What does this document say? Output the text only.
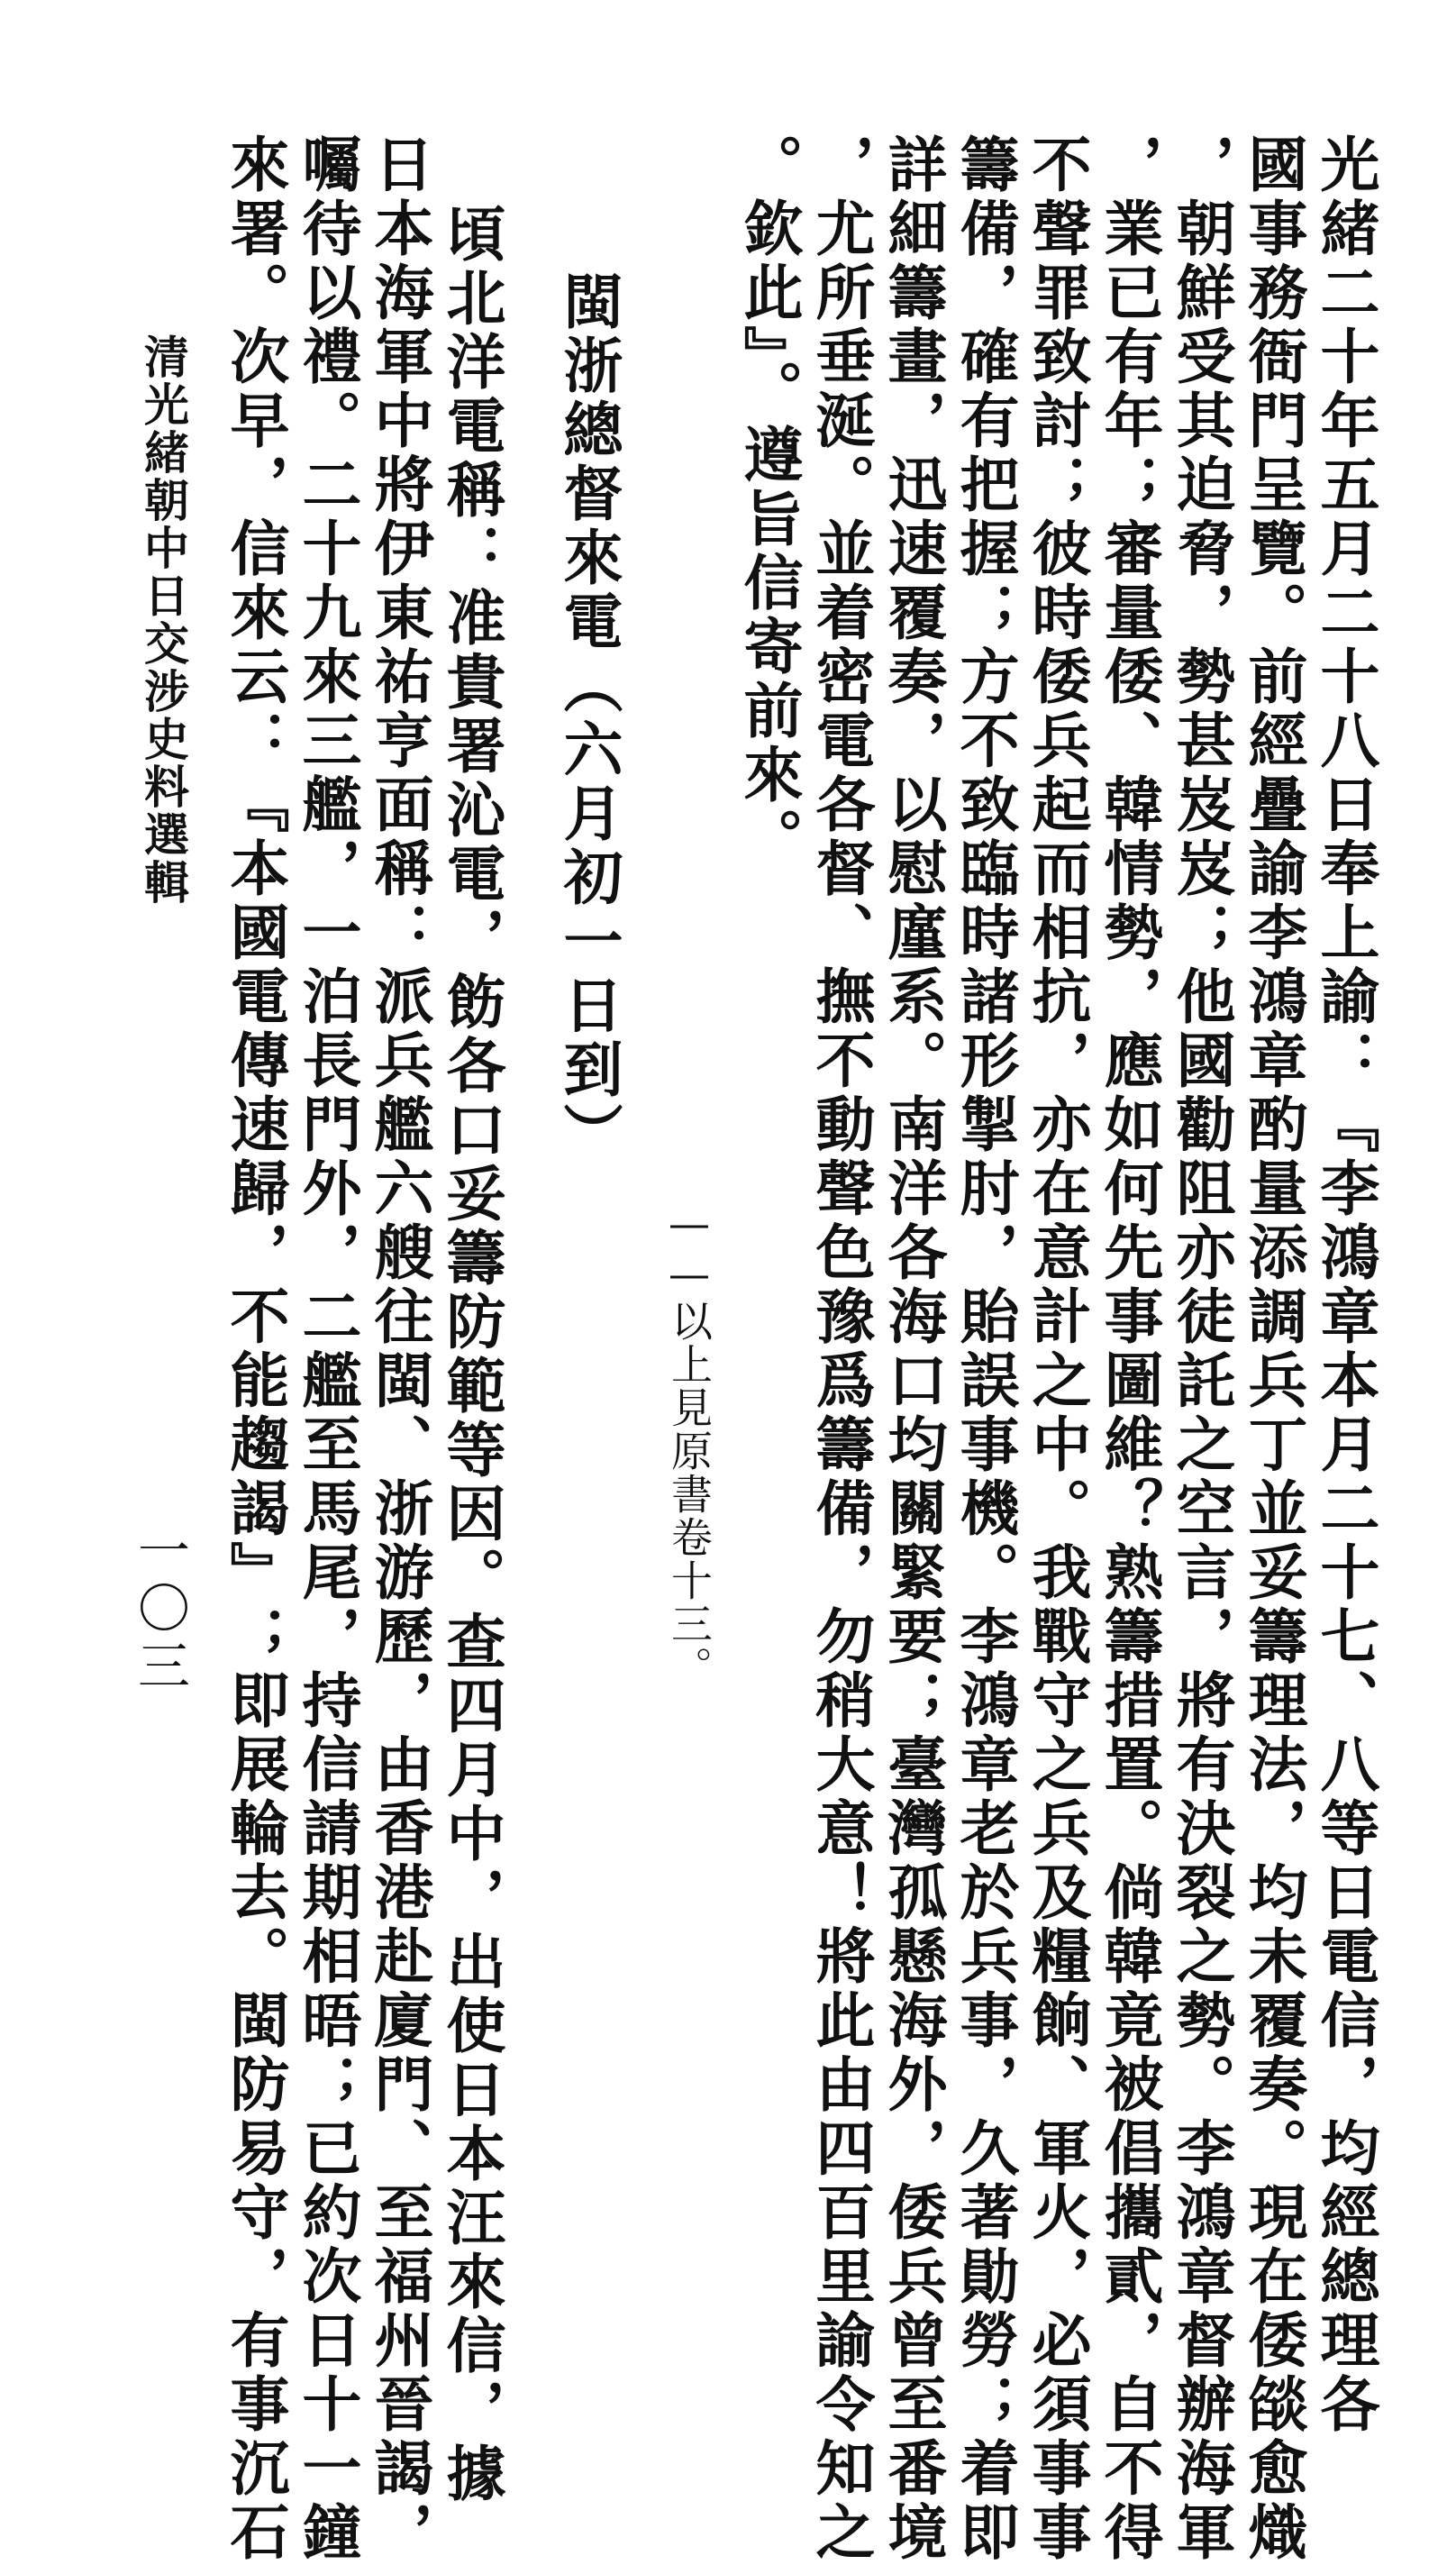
光緒二十年五月二十八日奉上諭：『李鴻章本月二十七、八等日電信，均經總理各
國事務衙門呈覽。前經疊諭李鴻章酌量添調兵丁並妥籌理法，均未覆奏。現在倭燄愈熾
，朝鮮受其迫脅，勢甚岌岌；他國勸阻亦徒託之空言，將有決裂之勢。李鴻章督辦海軍
，業已有年；審量倭、韓情勢，應如何先事圖維？熟籌措置。倘韓竟被倡攜貳，自不得
不聲罪致討；彼時倭兵起而相抗，亦在意計之中。我戰守之兵及糧餉、軍火，必須事事
籌備，確有把握；方不致臨時諸形掣肘，貽誤事機。李鴻章老於兵事，久著勛勞；着即
詳細籌畫，迅速覆奏，以慰廑系。南洋各海口均關緊要；臺灣孤懸海外，倭兵曾至番境
，尤所垂涎。並着密電各督、撫不動聲色豫爲籌備，勿稍大意！將此由四百里諭令知之
。欽此』。遵旨信寄前來。
——以上見原書卷十三。
閩浙總督來電（六月初一日到）
頃北洋電稱：准貴署沁電，飭各口妥籌防範等因。查四月中，出使日本汪來信，據
日本海軍中將伊東祐亨面稱：派兵艦六艘往閩、浙游歷，由香港赴廈門、至福州晉謁，
囑待以禮。二十九來三艦，一泊長門外，二艦至馬尾，持信請期相晤；已約次日十一鐘
來署。次早，信來云：『本國電傳速歸，不能趨謁』；即展輪去。閩防易守，有事沉石
清光緒朝中日交涉史料選輯
一〇三
